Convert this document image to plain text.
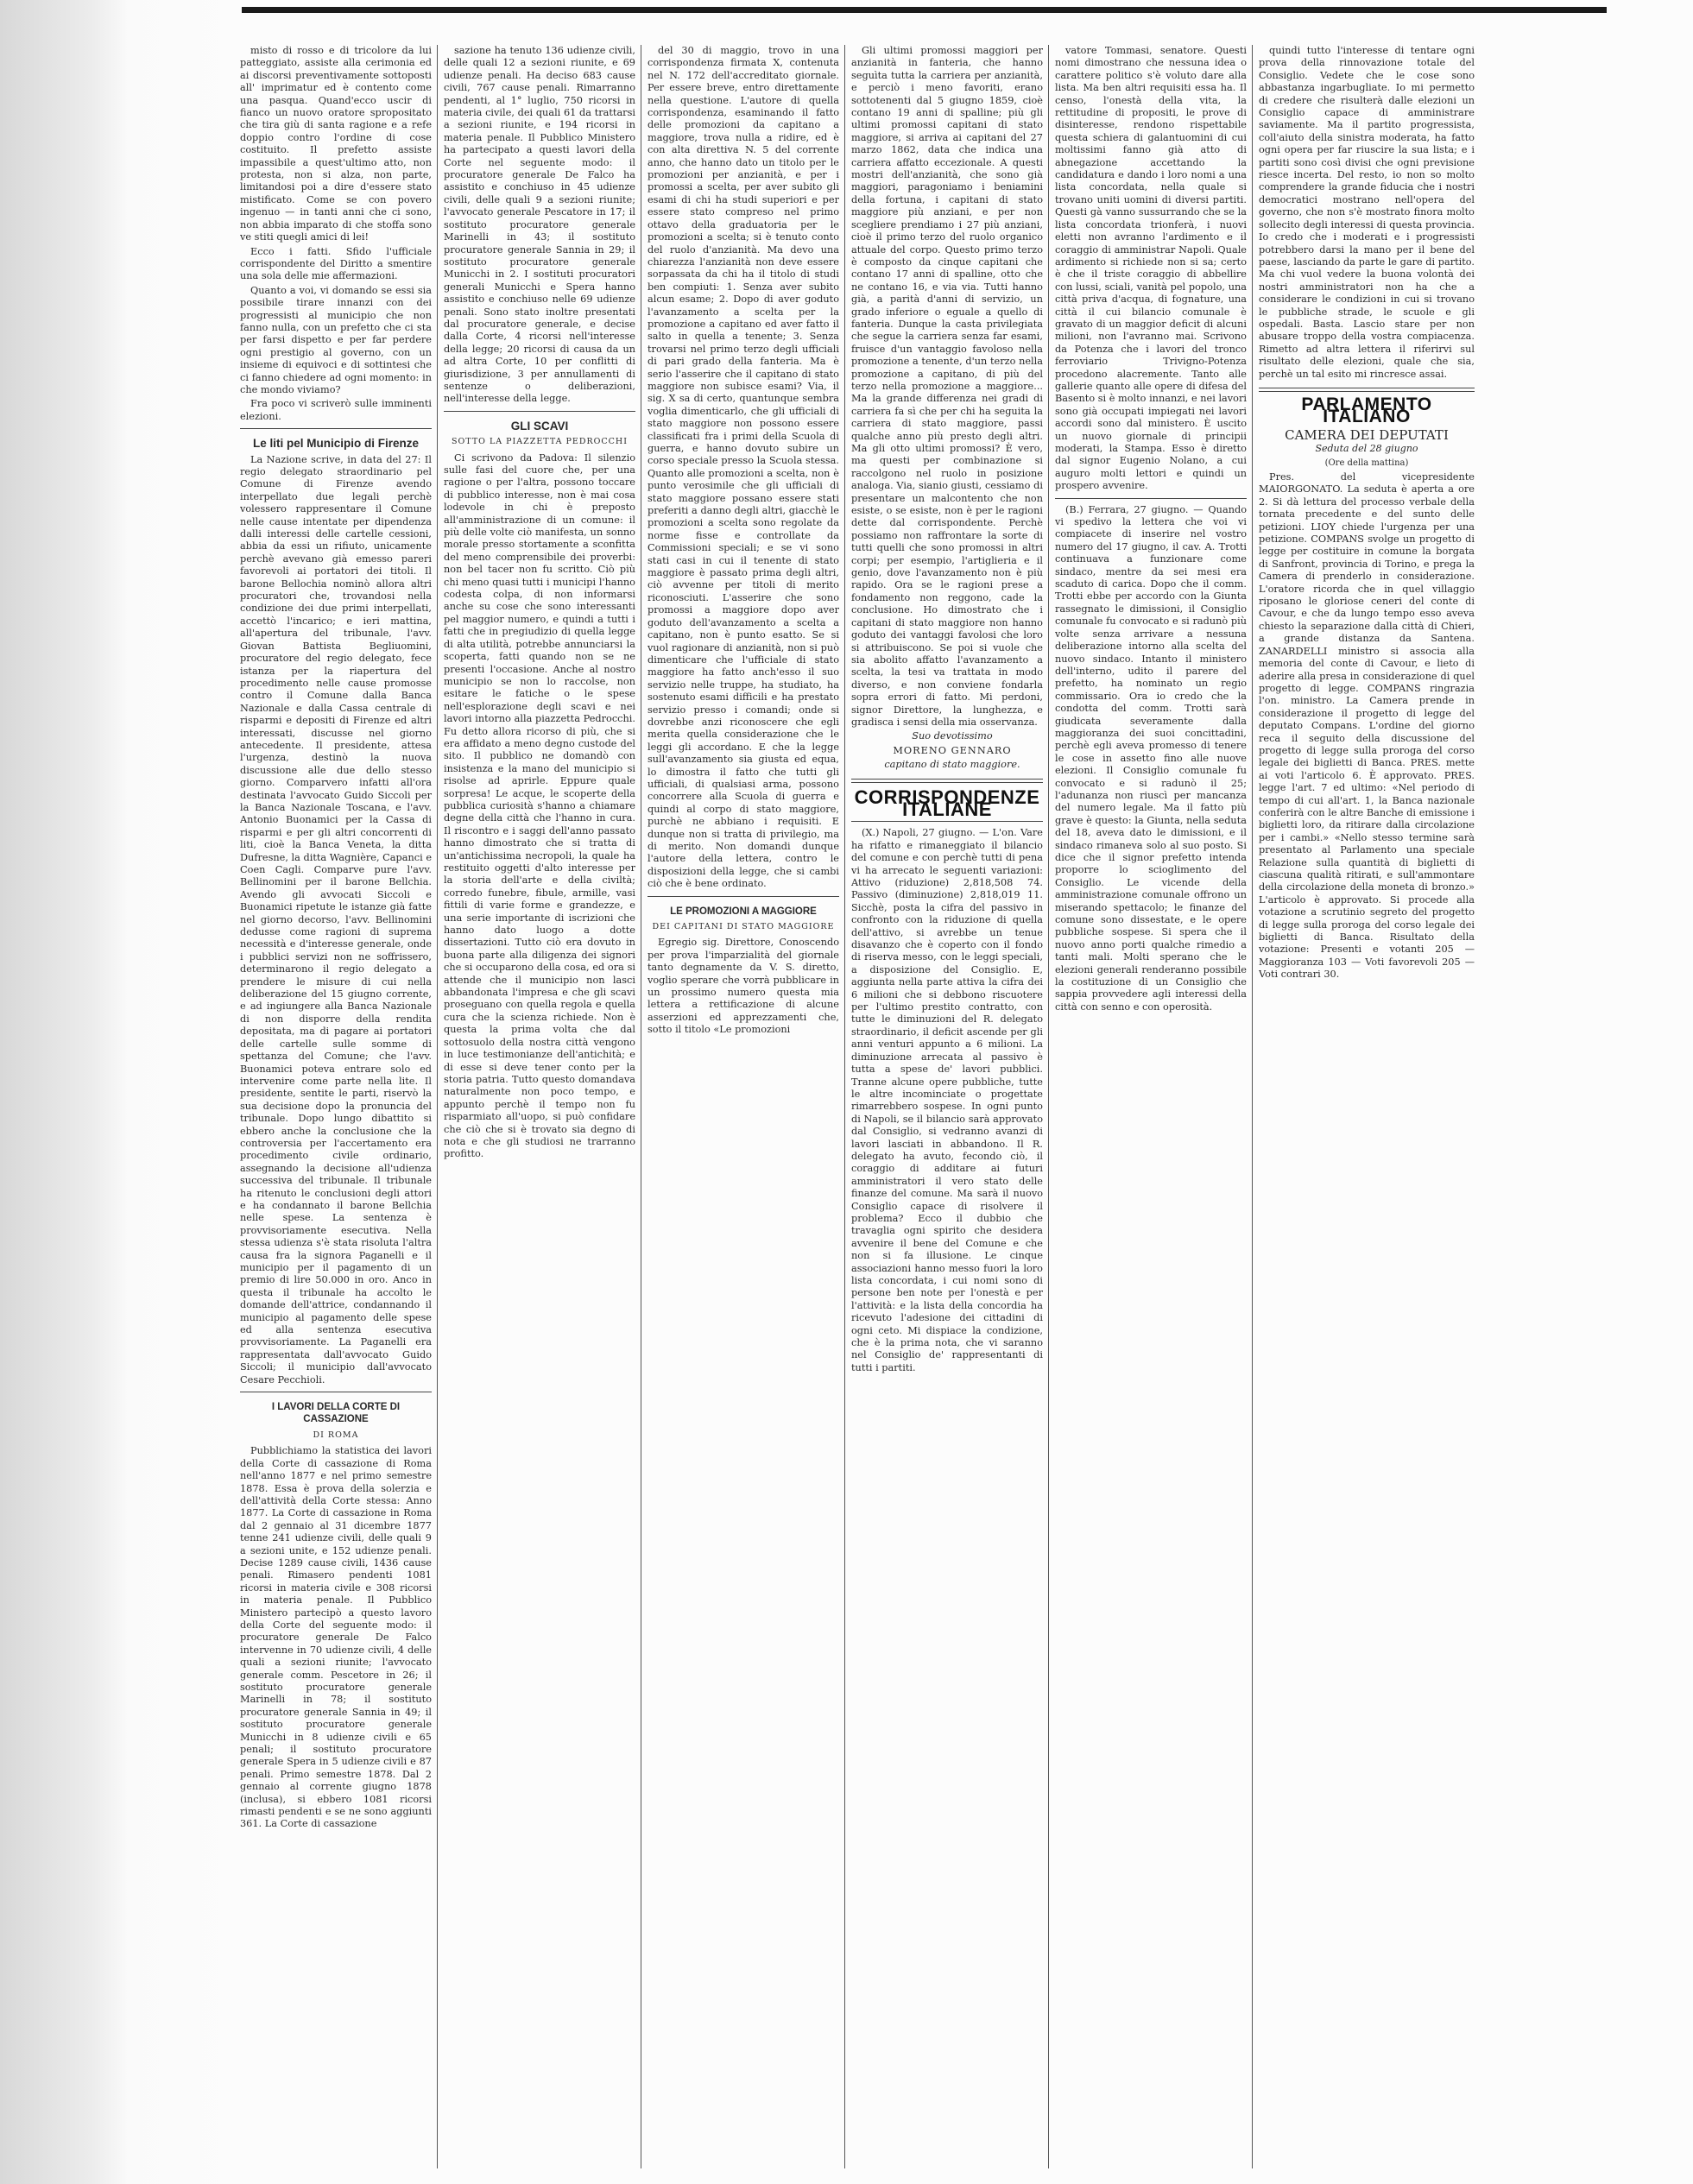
misto di rosso e di tricolore da lui patteggiato, assiste alla cerimonia ed ai discorsi preventivamente sottoposti all' imprimatur ed è contento come una pasqua. Quand'ecco uscir di fianco un nuovo oratore spropositato che tira giù di santa ragione e a refe doppio contro l'ordine di cose costituito. Il prefetto assiste impassibile a quest'ultimo atto, non protesta, non si alza, non parte, limitandosi poi a dire d'essere stato mistificato. Come se con povero ingenuo — in tanti anni che ci sono, non abbia imparato di che stoffa sono ve stiti quegli amici di lei!

Ecco i fatti. Sfido l'ufficiale corrispondente del Diritto a smentire una sola delle mie affermazioni.

Quanto a voi, vi domando se essi sia possibile tirare innanzi con dei progressisti al municipio che non fanno nulla, con un prefetto che ci sta per farsi dispetto e per far perdere ogni prestigio al governo, con un insieme di equivoci e di sottintesi che ci fanno chiedere ad ogni momento: in che mondo viviamo?

Fra poco vi scriverò sulle imminenti elezioni.

Le liti pel Municipio di Firenze

La Nazione scrive, in data del 27: Il regio delegato straordinario pel Comune di Firenze avendo interpellato due legali perchè volessero rappresentare il Comune nelle cause intentate per dipendenza dalli interessi delle cartelle cessioni, abbia da essi un rifiuto, unicamente perchè avevano già emesso pareri favorevoli ai portatori dei titoli. Il barone Bellochia nominò allora altri procuratori che, trovandosi nella condizione dei due primi interpellati, accettò l'incarico; e ieri mattina, all'apertura del tribunale, l'avv. Giovan Battista Begliuomini, procuratore del regio delegato, fece istanza per la riapertura del procedimento nelle cause promosse contro il Comune dalla Banca Nazionale e dalla Cassa centrale di risparmi e depositi di Firenze ed altri interessati, discusse nel giorno antecedente. Il presidente, attesa l'urgenza, destinò la nuova discussione alle due dello stesso giorno. Comparvero infatti all'ora destinata l'avvocato Guido Siccoli per la Banca Nazionale Toscana, e l'avv. Antonio Buonamici per la Cassa di risparmi e per gli altri concorrenti di liti, cioè la Banca Veneta, la ditta Dufresne, la ditta Wagnière, Capanci e Coen Cagli. Comparve pure l'avv. Bellinomini per il barone Bellchia. Avendo gli avvocati Siccoli e Buonamici ripetute le istanze già fatte nel giorno decorso, l'avv. Bellinomini dedusse come ragioni di suprema necessità e d'interesse generale, onde i pubblici servizi non ne soffrissero, determinarono il regio delegato a prendere le misure di cui nella deliberazione del 15 giugno corrente, e ad ingiungere alla Banca Nazionale di non disporre della rendita depositata, ma di pagare ai portatori delle cartelle sulle somme di spettanza del Comune; che l'avv. Buonamici poteva entrare solo ed intervenire come parte nella lite. Il presidente, sentite le parti, riservò la sua decisione dopo la pronuncia del tribunale. Dopo lungo dibattito si ebbero anche la conclusione che la controversia per l'accertamento era procedimento civile ordinario, assegnando la decisione all'udienza successiva del tribunale. Il tribunale ha ritenuto le conclusioni degli attori e ha condannato il barone Bellchia nelle spese. La sentenza è provvisoriamente esecutiva. Nella stessa udienza s'è stata risoluta l'altra causa fra la signora Paganelli e il municipio per il pagamento di un premio di lire 50.000 in oro. Anco in questa il tribunale ha accolto le domande dell'attrice, condannando il municipio al pagamento delle spese ed alla sentenza esecutiva provvisoriamente. La Paganelli era rappresentata dall'avvocato Guido Siccoli; il municipio dall'avvocato Cesare Pecchioli.

I LAVORI DELLA CORTE DI CASSAZIONE
DI ROMA

Pubblichiamo la statistica dei lavori della Corte di cassazione di Roma nell'anno 1877 e nel primo semestre 1878. Essa è prova della solerzia e dell'attività della Corte stessa: Anno 1877. La Corte di cassazione in Roma dal 2 gennaio al 31 dicembre 1877 tenne 241 udienze civili, delle quali 9 a sezioni unite, e 152 udienze penali. Decise 1289 cause civili, 1436 cause penali. Rimasero pendenti 1081 ricorsi in materia civile e 308 ricorsi in materia penale. Il Pubblico Ministero partecipò a questo lavoro della Corte del seguente modo: il procuratore generale De Falco intervenne in 70 udienze civili, 4 delle quali a sezioni riunite; l'avvocato generale comm. Pescetore in 26; il sostituto procuratore generale Marinelli in 78; il sostituto procuratore generale Sannia in 49; il sostituto procuratore generale Municchi in 8 udienze civili e 65 penali; il sostituto procuratore generale Spera in 5 udienze civili e 87 penali. Primo semestre 1878. Dal 2 gennaio al corrente giugno 1878 (inclusa), si ebbero 1081 ricorsi rimasti pendenti e se ne sono aggiunti 361. La Corte di cassazione

sazione ha tenuto 136 udienze civili, delle quali 12 a sezioni riunite, e 69 udienze penali. Ha deciso 683 cause civili, 767 cause penali. Rimarranno pendenti, al 1° luglio, 750 ricorsi in materia civile, dei quali 61 da trattarsi a sezioni riunite, e 194 ricorsi in materia penale. Il Pubblico Ministero ha partecipato a questi lavori della Corte nel seguente modo: il procuratore generale De Falco ha assistito e conchiuso in 45 udienze civili, delle quali 9 a sezioni riunite; l'avvocato generale Pescatore in 17; il sostituto procuratore generale Marinelli in 43; il sostituto procuratore generale Sannia in 29; il sostituto procuratore generale Municchi in 2. I sostituti procuratori generali Municchi e Spera hanno assistito e conchiuso nelle 69 udienze penali. Sono stato inoltre presentati dal procuratore generale, e decise dalla Corte, 4 ricorsi nell'interesse della legge; 20 ricorsi di causa da un ad altra Corte, 10 per conflitti di giurisdizione, 3 per annullamenti di sentenze o deliberazioni, nell'interesse della legge.

GLI SCAVI
SOTTO LA PIAZZETTA PEDROCCHI

Ci scrivono da Padova: Il silenzio sulle fasi del cuore che, per una ragione o per l'altra, possono toccare di pubblico interesse, non è mai cosa lodevole in chi è preposto all'amministrazione di un comune: il più delle volte ciò manifesta, un sonno morale presso stortamente a sconfitta del meno comprensibile dei proverbi: non bel tacer non fu scritto. Ciò più chi meno quasi tutti i municipi l'hanno codesta colpa, di non informarsi anche su cose che sono interessanti pel maggior numero, e quindi a tutti i fatti che in pregiudizio di quella legge di alta utilità, potrebbe annunciarsi la scoperta, fatti quando non se ne presenti l'occasione. Anche al nostro municipio se non lo raccolse, non esitare le fatiche o le spese nell'esplorazione degli scavi e nei lavori intorno alla piazzetta Pedrocchi. Fu detto allora ricorso di più, che si era affidato a meno degno custode del sito. Il pubblico ne domandò con insistenza e la mano del municipio si risolse ad aprirle. Eppure quale sorpresa! Le acque, le scoperte della pubblica curiosità s'hanno a chiamare degne della città che l'hanno in cura. Il riscontro e i saggi dell'anno passato hanno dimostrato che si tratta di un'antichissima necropoli, la quale ha restituito oggetti d'alto interesse per la storia dell'arte e della civiltà; corredo funebre, fibule, armille, vasi fittili di varie forme e grandezze, e una serie importante di iscrizioni che hanno dato luogo a dotte dissertazioni. Tutto ciò era dovuto in buona parte alla diligenza dei signori che si occuparono della cosa, ed ora si attende che il municipio non lasci abbandonata l'impresa e che gli scavi proseguano con quella regola e quella cura che la scienza richiede. Non è questa la prima volta che dal sottosuolo della nostra città vengono in luce testimonianze dell'antichità; e di esse si deve tener conto per la storia patria. Tutto questo domandava naturalmente non poco tempo, e appunto perchè il tempo non fu risparmiato all'uopo, si può confidare che ciò che si è trovato sia degno di nota e che gli studiosi ne trarranno profitto.

del 30 di maggio, trovo in una corrispondenza firmata X, contenuta nel N. 172 dell'accreditato giornale. Per essere breve, entro direttamente nella questione. L'autore di quella corrispondenza, esaminando il fatto delle promozioni da capitano a maggiore, trova nulla a ridire, ed è con alta direttiva N. 5 del corrente anno, che hanno dato un titolo per le promozioni per anzianità, e per i promossi a scelta, per aver subito gli esami di chi ha studi superiori e per essere stato compreso nel primo ottavo della graduatoria per le promozioni a scelta; si è tenuto conto del ruolo d'anzianità. Ma devo una chiarezza l'anzianità non deve essere sorpassata da chi ha il titolo di studi ben compiuti: 1. Senza aver subito alcun esame; 2. Dopo di aver goduto l'avanzamento a scelta per la promozione a capitano ed aver fatto il salto in quella a tenente; 3. Senza trovarsi nel primo terzo degli ufficiali di pari grado della fanteria. Ma è serio l'asserire che il capitano di stato maggiore non subisce esami? Via, il sig. X sa di certo, quantunque sembra voglia dimenticarlo, che gli ufficiali di stato maggiore non possono essere classificati fra i primi della Scuola di guerra, e hanno dovuto subire un corso speciale presso la Scuola stessa. Quanto alle promozioni a scelta, non è punto verosimile che gli ufficiali di stato maggiore possano essere stati preferiti a danno degli altri, giacchè le promozioni a scelta sono regolate da norme fisse e controllate da Commissioni speciali; e se vi sono stati casi in cui il tenente di stato maggiore è passato prima degli altri, ciò avvenne per titoli di merito riconosciuti. L'asserire che sono promossi a maggiore dopo aver goduto dell'avanzamento a scelta a capitano, non è punto esatto. Se si vuol ragionare di anzianità, non si può dimenticare che l'ufficiale di stato maggiore ha fatto anch'esso il suo servizio nelle truppe, ha studiato, ha sostenuto esami difficili e ha prestato servizio presso i comandi; onde si dovrebbe anzi riconoscere che egli merita quella considerazione che le leggi gli accordano. E che la legge sull'avanzamento sia giusta ed equa, lo dimostra il fatto che tutti gli ufficiali, di qualsiasi arma, possono concorrere alla Scuola di guerra e quindi al corpo di stato maggiore, purchè ne abbiano i requisiti. E dunque non si tratta di privilegio, ma di merito. Non domandi dunque l'autore della lettera, contro le disposizioni della legge, che si cambi ciò che è bene ordinato.

LE PROMOZIONI A MAGGIORE
DEI CAPITANI DI STATO MAGGIORE

Egregio sig. Direttore, Conoscendo per prova l'imparzialità del giornale tanto degnamente da V. S. diretto, voglio sperare che vorrà pubblicare in un prossimo numero questa mia lettera a rettificazione di alcune asserzioni ed apprezzamenti che, sotto il titolo «Le promozioni

Gli ultimi promossi maggiori per anzianità in fanteria, che hanno seguìta tutta la carriera per anzianità, e perciò i meno favoriti, erano sottotenenti dal 5 giugno 1859, cioè contano 19 anni di spalline; più gli ultimi promossi capitani di stato maggiore, si arriva ai capitani del 27 marzo 1862, data che indica una carriera affatto eccezionale. A questi mostri dell'anzianità, che sono già maggiori, paragoniamo i beniamini della fortuna, i capitani di stato maggiore più anziani, e per non scegliere prendiamo i 27 più anziani, cioè il primo terzo del ruolo organico attuale del corpo. Questo primo terzo è composto da cinque capitani che contano 17 anni di spalline, otto che ne contano 16, e via via. Tutti hanno già, a parità d'anni di servizio, un grado inferiore o eguale a quello di fanteria. Dunque la casta privilegiata che segue la carriera senza far esami, fruisce d'un vantaggio favoloso nella promozione a tenente, d'un terzo nella promozione a capitano, di più del terzo nella promozione a maggiore... Ma la grande differenza nei gradi di carriera fa sì che per chi ha seguita la carriera di stato maggiore, passi qualche anno più presto degli altri. Ma gli otto ultimi promossi? È vero, ma questi per combinazione si raccolgono nel ruolo in posizione analoga. Via, sianio giusti, cessiamo di presentare un malcontento che non esiste, o se esiste, non è per le ragioni dette dal corrispondente. Perchè possiamo non raffrontare la sorte di tutti quelli che sono promossi in altri corpi; per esempio, l'artiglieria e il genio, dove l'avanzamento non è più rapido. Ora se le ragioni prese a fondamento non reggono, cade la conclusione. Ho dimostrato che i capitani di stato maggiore non hanno goduto dei vantaggi favolosi che loro si attribuiscono. Se poi si vuole che sia abolito affatto l'avanzamento a scelta, la tesi va trattata in modo diverso, e non conviene fondarla sopra errori di fatto. Mi perdoni, signor Direttore, la lunghezza, e gradisca i sensi della mia osservanza.

Suo devotissimo

MORENO GENNARO

capitano di stato maggiore.

CORRISPONDENZE ITALIANE

(X.) Napoli, 27 giugno. — L'on. Vare ha rifatto e rimaneggiato il bilancio del comune e con perchè tutti di pena vi ha arrecato le seguenti variazioni: Attivo (riduzione) 2,818,508 74. Passivo (diminuzione) 2,818,019 11. Sicchè, posta la cifra del passivo in confronto con la riduzione di quella dell'attivo, si avrebbe un tenue disavanzo che è coperto con il fondo di riserva messo, con le leggi speciali, a disposizione del Consiglio. E, aggiunta nella parte attiva la cifra dei 6 milioni che si debbono riscuotere per l'ultimo prestito contratto, con tutte le diminuzioni del R. delegato straordinario, il deficit ascende per gli anni venturi appunto a 6 milioni. La diminuzione arrecata al passivo è tutta a spese de' lavori pubblici. Tranne alcune opere pubbliche, tutte le altre incominciate o progettate rimarrebbero sospese. In ogni punto di Napoli, se il bilancio sarà approvato dal Consiglio, si vedranno avanzi di lavori lasciati in abbandono. Il R. delegato ha avuto, fecondo ciò, il coraggio di additare ai futuri amministratori il vero stato delle finanze del comune. Ma sarà il nuovo Consiglio capace di risolvere il problema? Ecco il dubbio che travaglia ogni spirito che desidera avvenire il bene del Comune e che non si fa illusione. Le cinque associazioni hanno messo fuori la loro lista concordata, i cui nomi sono di persone ben note per l'onestà e per l'attività: e la lista della concordia ha ricevuto l'adesione dei cittadini di ogni ceto. Mi dispiace la condizione, che è la prima nota, che vi saranno nel Consiglio de' rappresentanti di tutti i partiti.

vatore Tommasi, senatore. Questi nomi dimostrano che nessuna idea o carattere politico s'è voluto dare alla lista. Ma ben altri requisiti essa ha. Il censo, l'onestà della vita, la rettitudine di propositi, le prove di disinteresse, rendono rispettabile questa schiera di galantuomini di cui moltissimi fanno già atto di abnegazione accettando la candidatura e dando i loro nomi a una lista concordata, nella quale si trovano uniti uomini di diversi partiti. Questi gà vanno sussurrando che se la lista concordata trionferà, i nuovi eletti non avranno l'ardimento e il coraggio di amministrar Napoli. Quale ardimento si richiede non si sa; certo è che il triste coraggio di abbellire con lussi, sciali, vanità pel popolo, una città priva d'acqua, di fognature, una città il cui bilancio comunale è gravato di un maggior deficit di alcuni milioni, non l'avranno mai. Scrivono da Potenza che i lavori del tronco ferroviario Trivigno-Potenza procedono alacremente. Tanto alle gallerie quanto alle opere di difesa del Basento si è molto innanzi, e nei lavori sono già occupati impiegati nei lavori accordi sono dal ministero. È uscito un nuovo giornale di principii moderati, la Stampa. Esso è diretto dal signor Eugenio Nolano, a cui auguro molti lettori e quindi un prospero avvenire.

(B.) Ferrara, 27 giugno. — Quando vi spedivo la lettera che voi vi compiacete di inserire nel vostro numero del 17 giugno, il cav. A. Trotti continuava a funzionare come sindaco, mentre da sei mesi era scaduto di carica. Dopo che il comm. Trotti ebbe per accordo con la Giunta rassegnato le dimissioni, il Consiglio comunale fu convocato e si radunò più volte senza arrivare a nessuna deliberazione intorno alla scelta del nuovo sindaco. Intanto il ministero dell'interno, udito il parere del prefetto, ha nominato un regio commissario. Ora io credo che la condotta del comm. Trotti sarà giudicata severamente dalla maggioranza dei suoi concittadini, perchè egli aveva promesso di tenere le cose in assetto fino alle nuove elezioni. Il Consiglio comunale fu convocato e si radunò il 25; l'adunanza non riuscì per mancanza del numero legale. Ma il fatto più grave è questo: la Giunta, nella seduta del 18, aveva dato le dimissioni, e il sindaco rimaneva solo al suo posto. Si dice che il signor prefetto intenda proporre lo scioglimento del Consiglio. Le vicende della amministrazione comunale offrono un miserando spettacolo; le finanze del comune sono dissestate, e le opere pubbliche sospese. Si spera che il nuovo anno porti qualche rimedio a tanti mali. Molti sperano che le elezioni generali renderanno possibile la costituzione di un Consiglio che sappia provvedere agli interessi della città con senno e con operosità.

quindi tutto l'interesse di tentare ogni prova della rinnovazione totale del Consiglio. Vedete che le cose sono abbastanza ingarbugliate. Io mi permetto di credere che risulterà dalle elezioni un Consiglio capace di amministrare saviamente. Ma il partito progressista, coll'aiuto della sinistra moderata, ha fatto ogni opera per far riuscire la sua lista; e i partiti sono così divisi che ogni previsione riesce incerta. Del resto, io non so molto comprendere la grande fiducia che i nostri democratici mostrano nell'opera del governo, che non s'è mostrato finora molto sollecito degli interessi di questa provincia. Io credo che i moderati e i progressisti potrebbero darsi la mano per il bene del paese, lasciando da parte le gare di partito. Ma chi vuol vedere la buona volontà dei nostri amministratori non ha che a considerare le condizioni in cui si trovano le pubbliche strade, le scuole e gli ospedali. Basta. Lascio stare per non abusare troppo della vostra compiacenza. Rimetto ad altra lettera il riferirvi sul risultato delle elezioni, quale che sia, perchè un tal esito mi rincresce assai.

PARLAMENTO ITALIANO
CAMERA DEI DEPUTATI
Seduta del 28 giugno
(Ore della mattina)

Pres. del vicepresidente MAIORGONATO. La seduta è aperta a ore 2. Si dà lettura del processo verbale della tornata precedente e del sunto delle petizioni. LIOY chiede l'urgenza per una petizione. COMPANS svolge un progetto di legge per costituire in comune la borgata di Sanfront, provincia di Torino, e prega la Camera di prenderlo in considerazione. L'oratore ricorda che in quel villaggio riposano le gloriose ceneri del conte di Cavour, e che da lungo tempo esso aveva chiesto la separazione dalla città di Chieri, a grande distanza da Santena. ZANARDELLI ministro si associa alla memoria del conte di Cavour, e lieto di aderire alla presa in considerazione di quel progetto di legge. COMPANS ringrazia l'on. ministro. La Camera prende in considerazione il progetto di legge del deputato Compans. L'ordine del giorno reca il seguito della discussione del progetto di legge sulla proroga del corso legale dei biglietti di Banca. PRES. mette ai voti l'articolo 6. È approvato. PRES. legge l'art. 7 ed ultimo: «Nel periodo di tempo di cui all'art. 1, la Banca nazionale conferirà con le altre Banche di emissione i biglietti loro, da ritirare dalla circolazione per i cambi.» «Nello stesso termine sarà presentato al Parlamento una speciale Relazione sulla quantità di biglietti di ciascuna qualità ritirati, e sull'ammontare della circolazione della moneta di bronzo.» L'articolo è approvato. Si procede alla votazione a scrutinio segreto del progetto di legge sulla proroga del corso legale dei biglietti di Banca. Risultato della votazione: Presenti e votanti 205 — Maggioranza 103 — Voti favorevoli 205 — Voti contrari 30.
